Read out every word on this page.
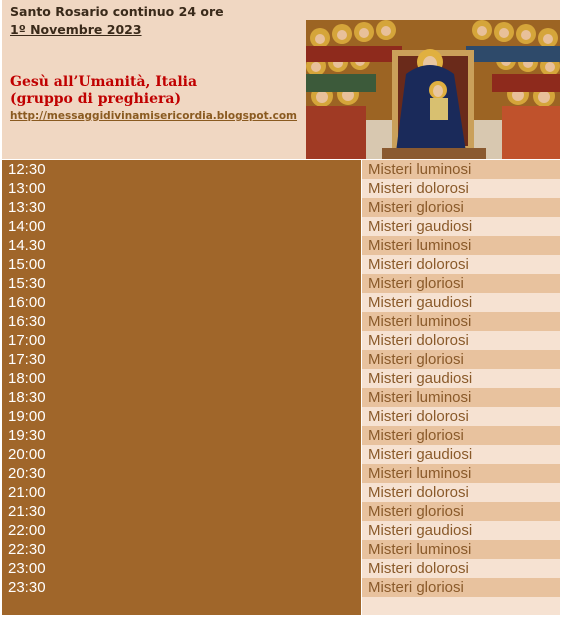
Santo Rosario continuo 24 ore
1º Novembre 2023
Gesù all’Umanità, Italia
(gruppo di preghiera)
http://messaggidivinamisericordia.blogspot.com
12:30	Misteri luminosi
13:00	Misteri dolorosi
13:30	Misteri gloriosi
14:00	Misteri gaudiosi
14.30	Misteri luminosi
15:00	Misteri dolorosi
15:30	Misteri gloriosi
16:00	Misteri gaudiosi
16:30	Misteri luminosi
17:00	Misteri dolorosi
17:30	Misteri gloriosi
18:00	Misteri gaudiosi
18:30	Misteri luminosi
19:00	Misteri dolorosi
19:30	Misteri gloriosi
20:00	Misteri gaudiosi
20:30	Misteri luminosi
21:00	Misteri dolorosi
21:30	Misteri gloriosi
22:00	Misteri gaudiosi
22:30	Misteri luminosi
23:00	Misteri dolorosi
23:30	Misteri gloriosi
